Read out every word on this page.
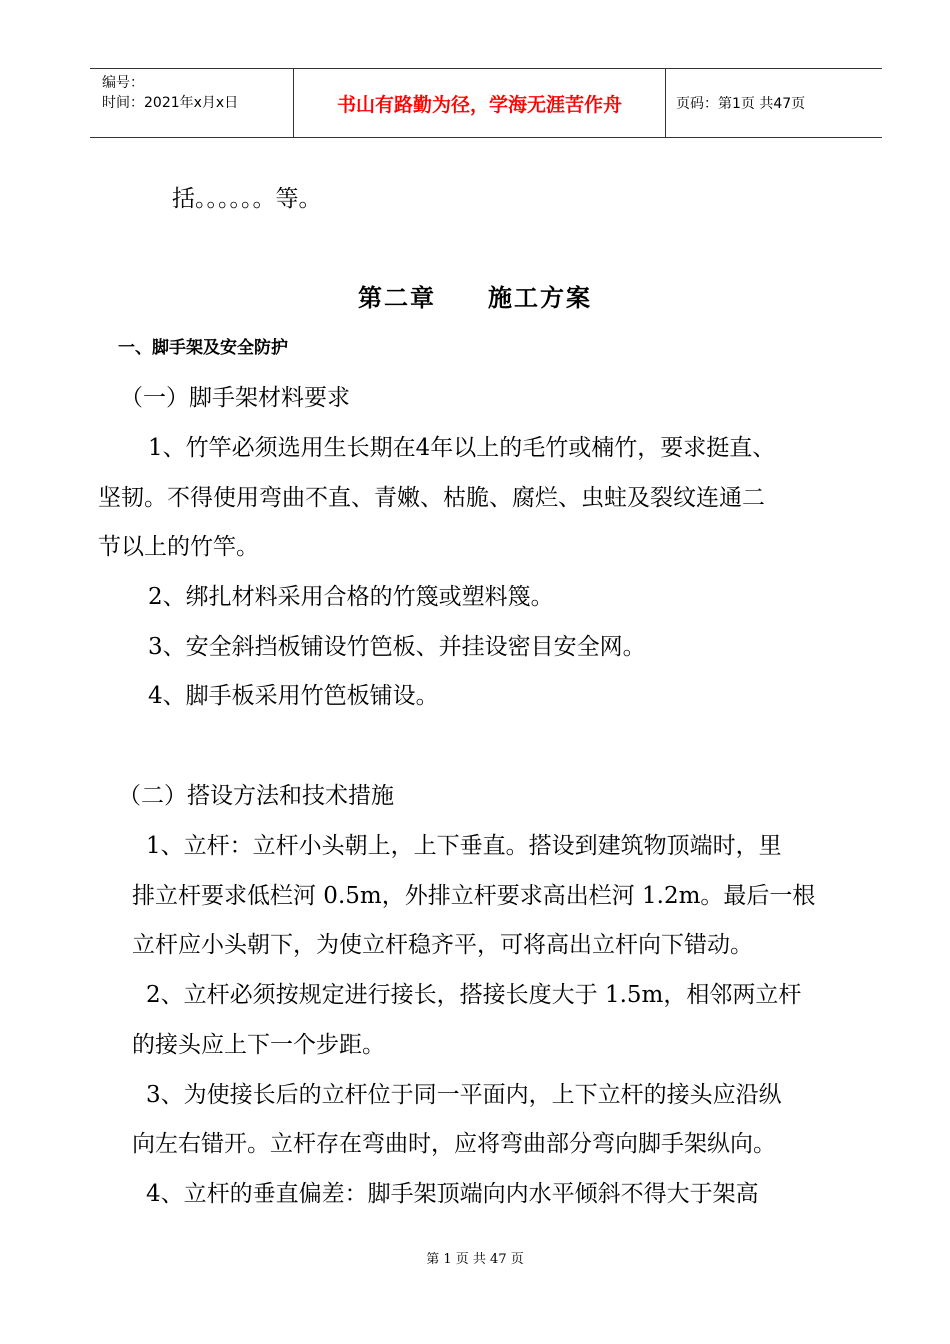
编号：
时间：2021年x月x日	书山有路勤为径，学海无涯苦作舟	页码：第1页 共47页
括。。。。。。等。
第二章 施工方案
一、脚手架及安全防护
（一）脚手架材料要求
1、竹竿必须选用生长期在4年以上的毛竹或楠竹，要求挺直、
坚韧。不得使用弯曲不直、青嫩、枯脆、腐烂、虫蛀及裂纹连通二
节以上的竹竿。
2、绑扎材料采用合格的竹篾或塑料篾。
3、安全斜挡板铺设竹笆板、并挂设密目安全网。
4、脚手板采用竹笆板铺设。
（二）搭设方法和技术措施
1、立杆：立杆小头朝上，上下垂直。搭设到建筑物顶端时，里
排立杆要求低栏河 0.5m，外排立杆要求高出栏河 1.2m。最后一根
立杆应小头朝下，为使立杆稳齐平，可将高出立杆向下错动。
2、立杆必须按规定进行接长，搭接长度大于 1.5m，相邻两立杆
的接头应上下一个步距。
3、为使接长后的立杆位于同一平面内，上下立杆的接头应沿纵
向左右错开。立杆存在弯曲时，应将弯曲部分弯向脚手架纵向。
4、立杆的垂直偏差：脚手架顶端向内水平倾斜不得大于架高
第 1 页 共 47 页
